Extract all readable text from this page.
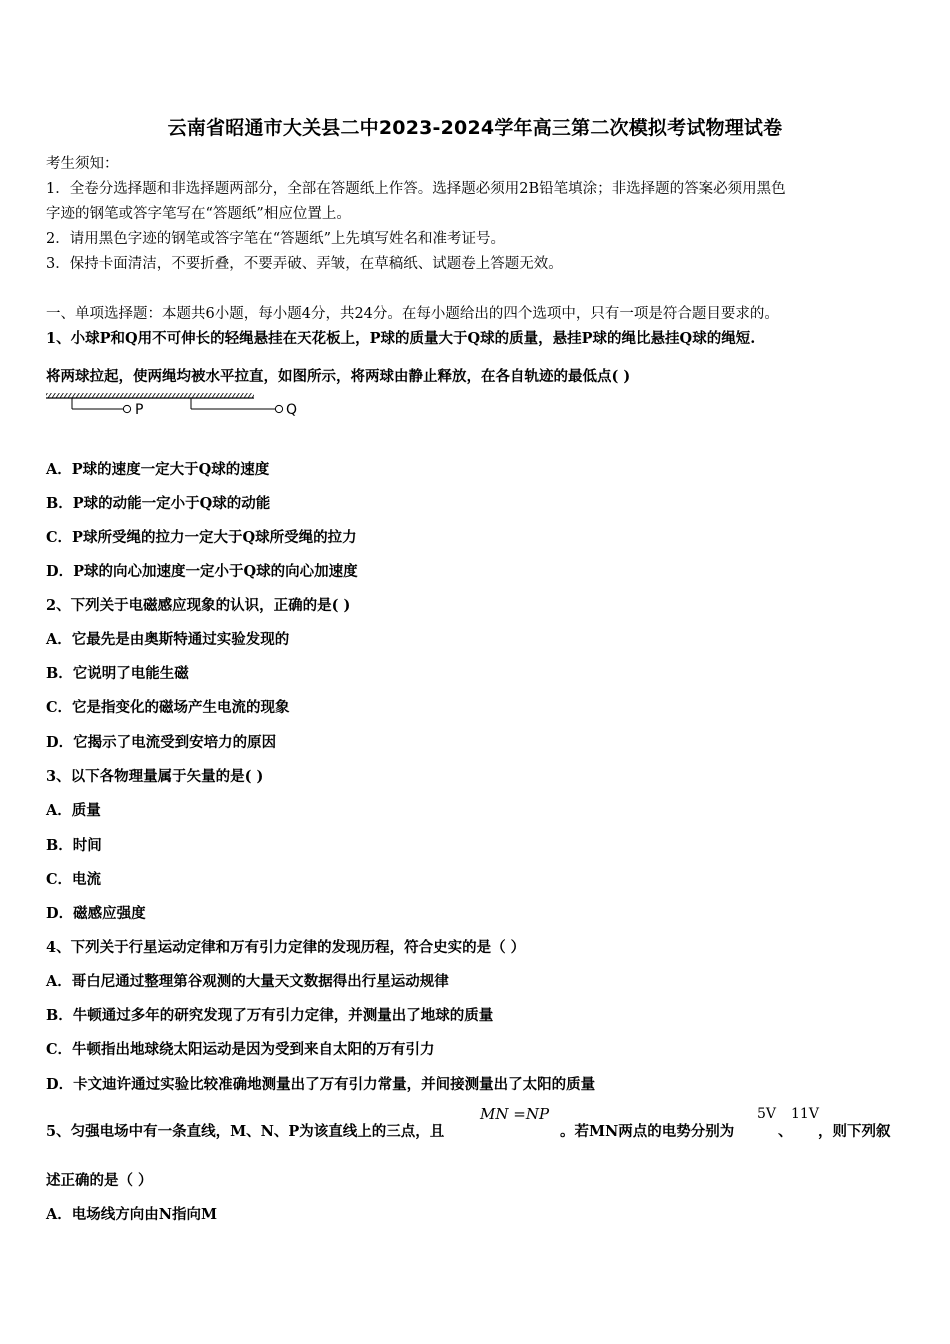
云南省昭通市大关县二中2023-2024学年高三第二次模拟考试物理试卷
考生须知：
1．全卷分选择题和非选择题两部分，全部在答题纸上作答。选择题必须用2B铅笔填涂；非选择题的答案必须用黑色
字迹的钢笔或答字笔写在“答题纸”相应位置上。
2．请用黑色字迹的钢笔或答字笔在“答题纸”上先填写姓名和准考证号。
3．保持卡面清洁，不要折叠，不要弄破、弄皱，在草稿纸、试题卷上答题无效。
一、单项选择题：本题共6小题，每小题4分，共24分。在每小题给出的四个选项中，只有一项是符合题目要求的。
1、小球P和Q用不可伸长的轻绳悬挂在天花板上，P球的质量大于Q球的质量，悬挂P球的绳比悬挂Q球的绳短.
将两球拉起，使两绳均被水平拉直，如图所示，将两球由静止释放，在各自轨迹的最低点( )
P	Q
A．P球的速度一定大于Q球的速度
B．P球的动能一定小于Q球的动能
C．P球所受绳的拉力一定大于Q球所受绳的拉力
D．P球的向心加速度一定小于Q球的向心加速度
2、下列关于电磁感应现象的认识，正确的是( )
A．它最先是由奥斯特通过实验发现的
B．它说明了电能生磁
C．它是指变化的磁场产生电流的现象
D．它揭示了电流受到安培力的原因
3、以下各物理量属于矢量的是( )
A．质量
B．时间
C．电流
D．磁感应强度
4、下列关于行星运动定律和万有引力定律的发现历程，符合史实的是（ ）
A．哥白尼通过整理第谷观测的大量天文数据得出行星运动规律
B．牛顿通过多年的研究发现了万有引力定律，并测量出了地球的质量
C．牛顿指出地球绕太阳运动是因为受到来自太阳的万有引力
D．卡文迪许通过实验比较准确地测量出了万有引力常量，并间接测量出了太阳的质量
5、匀强电场中有一条直线，M、N、P为该直线上的三点，且
MN =NP
。若MN两点的电势分别为
5V
、
11V
，则下列叙
述正确的是（ ）
A．电场线方向由N指向M
